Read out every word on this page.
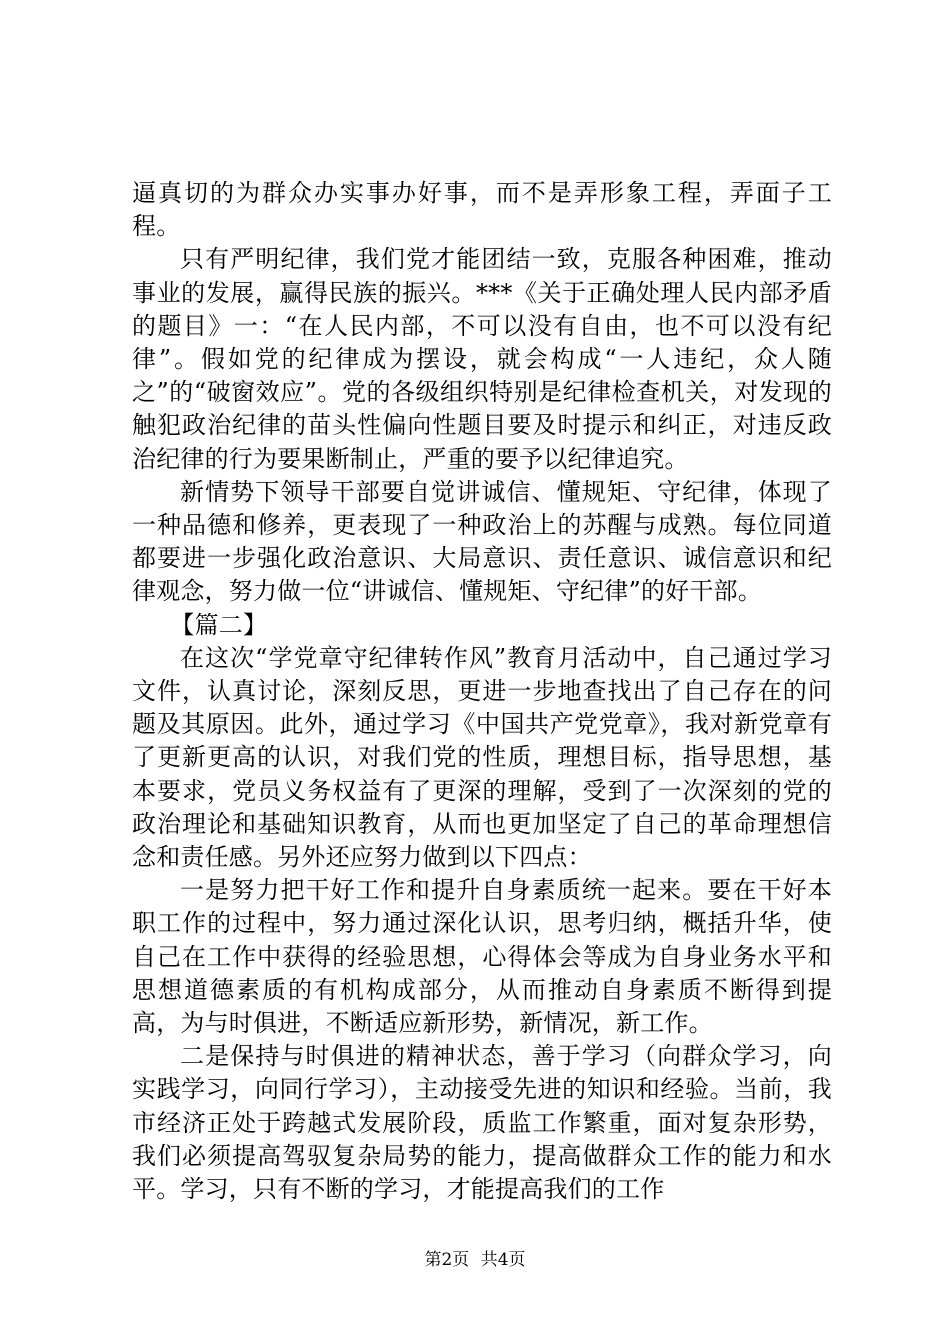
逼真切的为群众办实事办好事，而不是弄形象工程，弄面子工程。

只有严明纪律，我们党才能团结一致，克服各种困难，推动事业的发展，赢得民族的振兴。***《关于正确处理人民内部矛盾的题目》一：“在人民内部，不可以没有自由，也不可以没有纪律”。假如党的纪律成为摆设，就会构成“一人违纪，众人随之”的“破窗效应”。党的各级组织特别是纪律检查机关，对发现的触犯政治纪律的苗头性偏向性题目要及时提示和纠正，对违反政治纪律的行为要果断制止，严重的要予以纪律追究。

新情势下领导干部要自觉讲诚信、懂规矩、守纪律，体现了一种品德和修养，更表现了一种政治上的苏醒与成熟。每位同道都要进一步强化政治意识、大局意识、责任意识、诚信意识和纪律观念，努力做一位“讲诚信、懂规矩、守纪律”的好干部。

【篇二】

在这次“学党章守纪律转作风”教育月活动中，自己通过学习文件，认真讨论，深刻反思，更进一步地查找出了自己存在的问题及其原因。此外，通过学习《中国共产党党章》，我对新党章有了更新更高的认识，对我们党的性质，理想目标，指导思想，基本要求，党员义务权益有了更深的理解，受到了一次深刻的党的政治理论和基础知识教育，从而也更加坚定了自己的革命理想信念和责任感。另外还应努力做到以下四点：

一是努力把干好工作和提升自身素质统一起来。要在干好本职工作的过程中，努力通过深化认识，思考归纳，概括升华，使自己在工作中获得的经验思想，心得体会等成为自身业务水平和思想道德素质的有机构成部分，从而推动自身素质不断得到提高，为与时俱进，不断适应新形势，新情况，新工作。

二是保持与时俱进的精神状态，善于学习（向群众学习，向实践学习，向同行学习），主动接受先进的知识和经验。当前，我市经济正处于跨越式发展阶段，质监工作繁重，面对复杂形势，我们必须提高驾驭复杂局势的能力，提高做群众工作的能力和水平。学习，只有不断的学习，才能提高我们的工作

第2页 共4页
